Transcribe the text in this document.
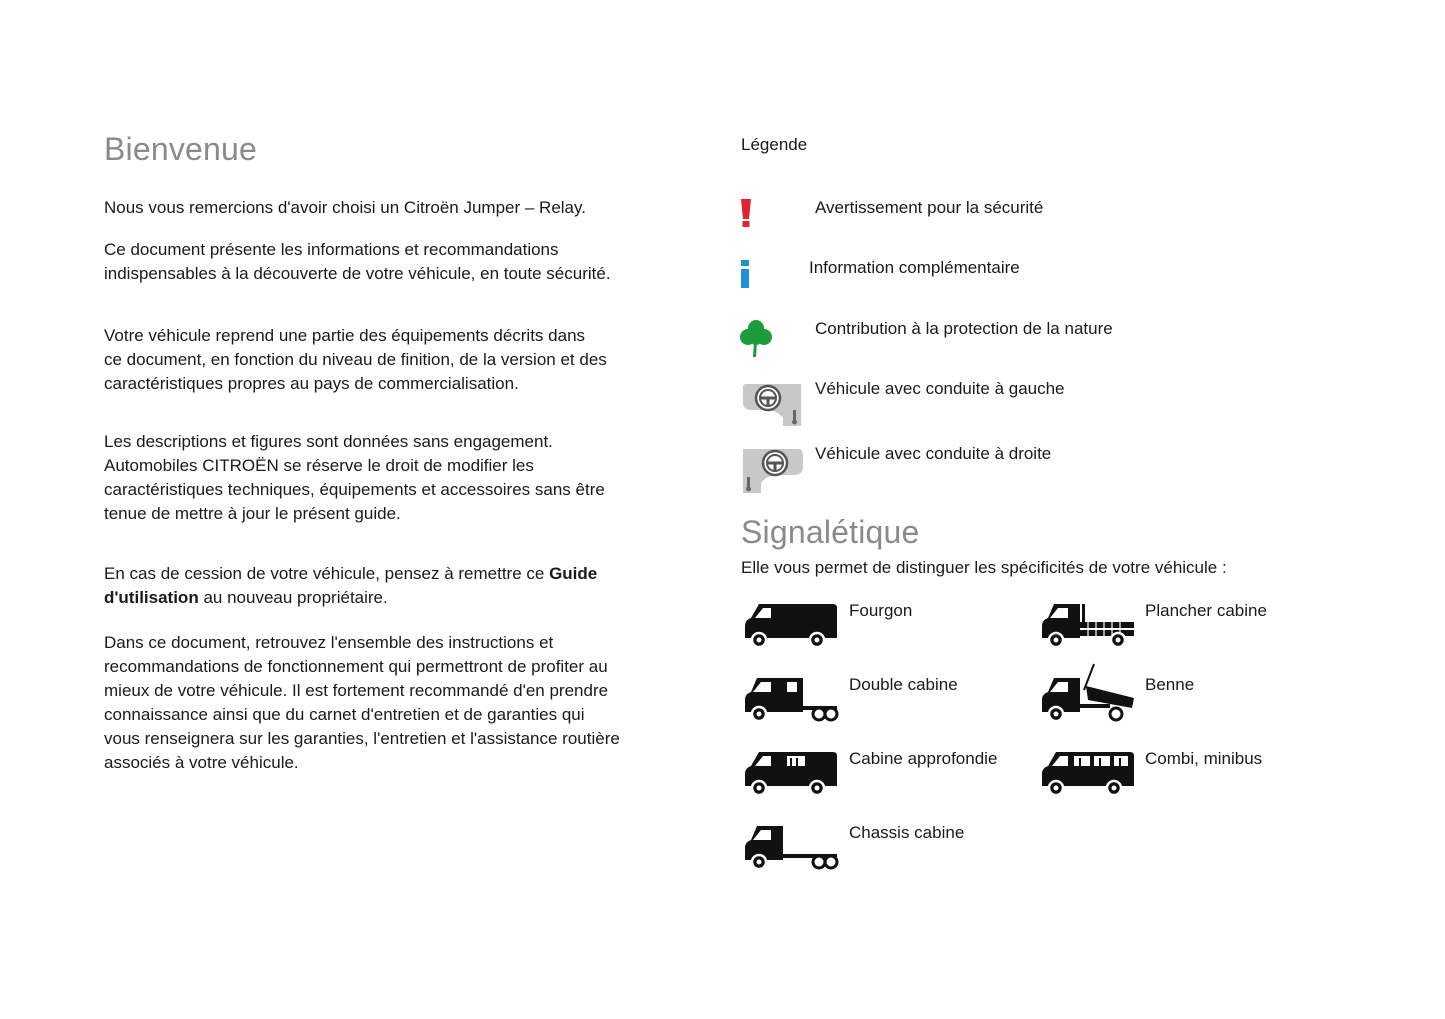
Bienvenue

Nous vous remercions d'avoir choisi un Citroën Jumper – Relay.

Ce document présente les informations et recommandations
indispensables à la découverte de votre véhicule, en toute sécurité.

Votre véhicule reprend une partie des équipements décrits dans
ce document, en fonction du niveau de finition, de la version et des
caractéristiques propres au pays de commercialisation.

Les descriptions et figures sont données sans engagement.
Automobiles CITROËN se réserve le droit de modifier les
caractéristiques techniques, équipements et accessoires sans être
tenue de mettre à jour le présent guide.

En cas de cession de votre véhicule, pensez à remettre ce Guide
d'utilisation au nouveau propriétaire.

Dans ce document, retrouvez l'ensemble des instructions et
recommandations de fonctionnement qui permettront de profiter au
mieux de votre véhicule. Il est fortement recommandé d'en prendre
connaissance ainsi que du carnet d'entretien et de garanties qui
vous renseignera sur les garanties, l'entretien et l'assistance routière
associés à votre véhicule.

Légende
Avertissement pour la sécurité
Information complémentaire
Contribution à la protection de la nature
Véhicule avec conduite à gauche
Véhicule avec conduite à droite
Signalétique
Elle vous permet de distinguer les spécificités de votre véhicule :
Fourgon	Plancher cabine
Double cabine	Benne
Cabine approfondie	Combi, minibus
Chassis cabine
